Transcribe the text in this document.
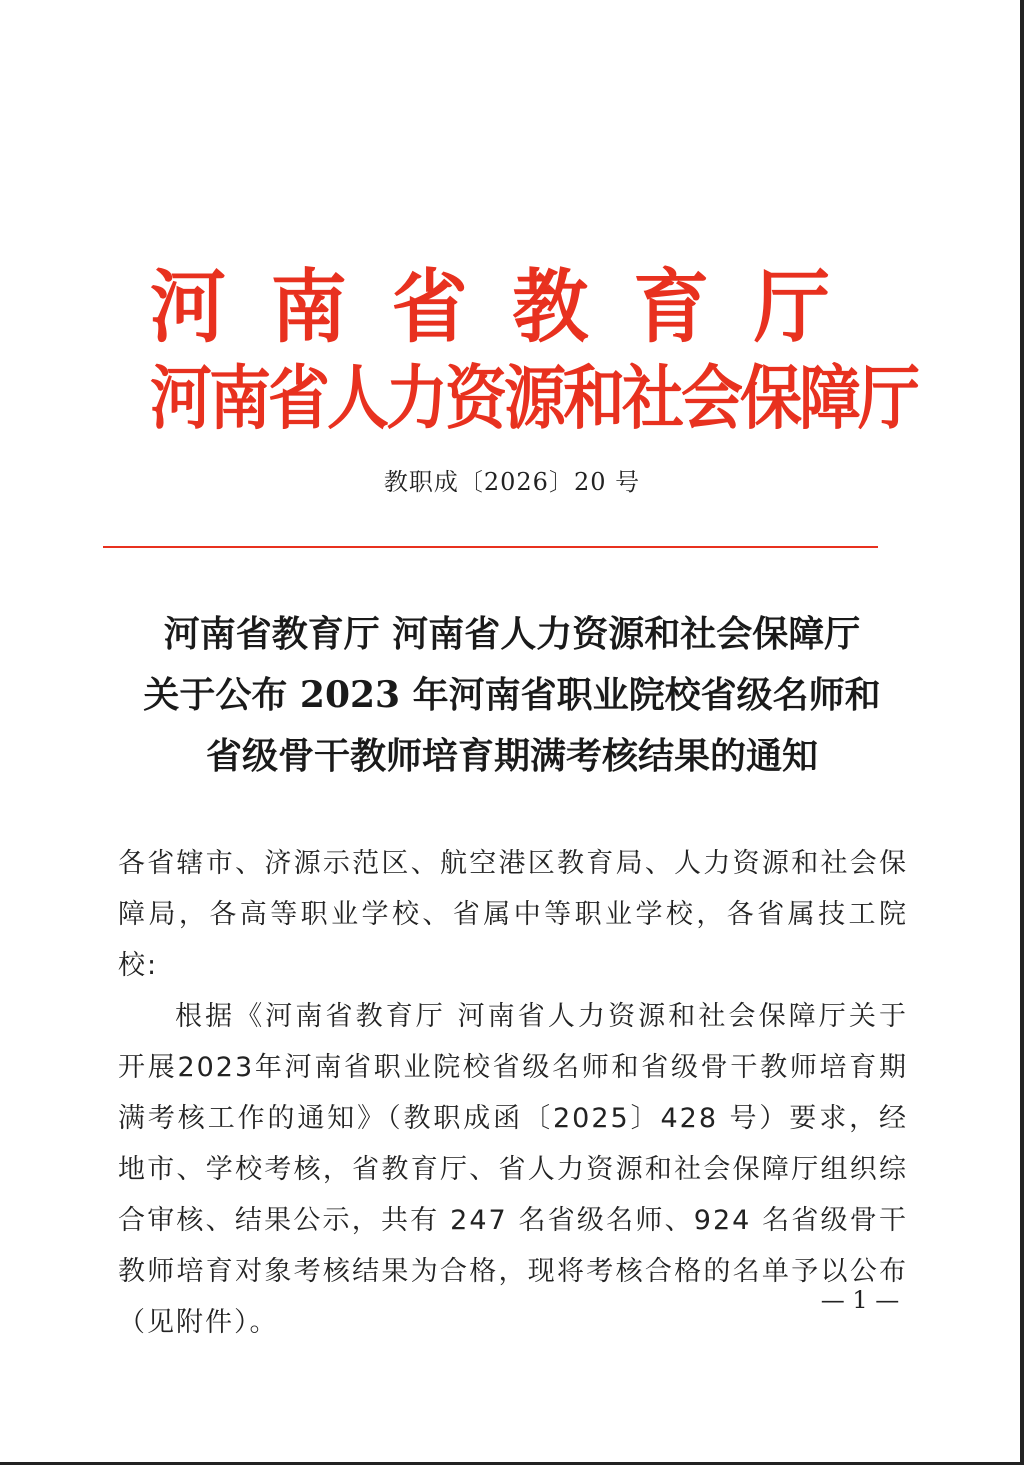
河 南 省 教 育 厅
河南省人力资源和社会保障厅
教职成〔2026〕20 号
河南省教育厅 河南省人力资源和社会保障厅
关于公布 2023 年河南省职业院校省级名师和
省级骨干教师培育期满考核结果的通知

各省辖市、济源示范区、航空港区教育局、人力资源和社会保障局，各高等职业学校、省属中等职业学校，各省属技工院校:

根据《河南省教育厅 河南省人力资源和社会保障厅关于开展2023年河南省职业院校省级名师和省级骨干教师培育期满考核工作的通知》（教职成函〔2025〕428 号）要求，经地市、学校考核，省教育厅、省人力资源和社会保障厅组织综合审核、结果公示，共有 247 名省级名师、924 名省级骨干教师培育对象考核结果为合格，现将考核合格的名单予以公布（见附件）。

— 1 —
